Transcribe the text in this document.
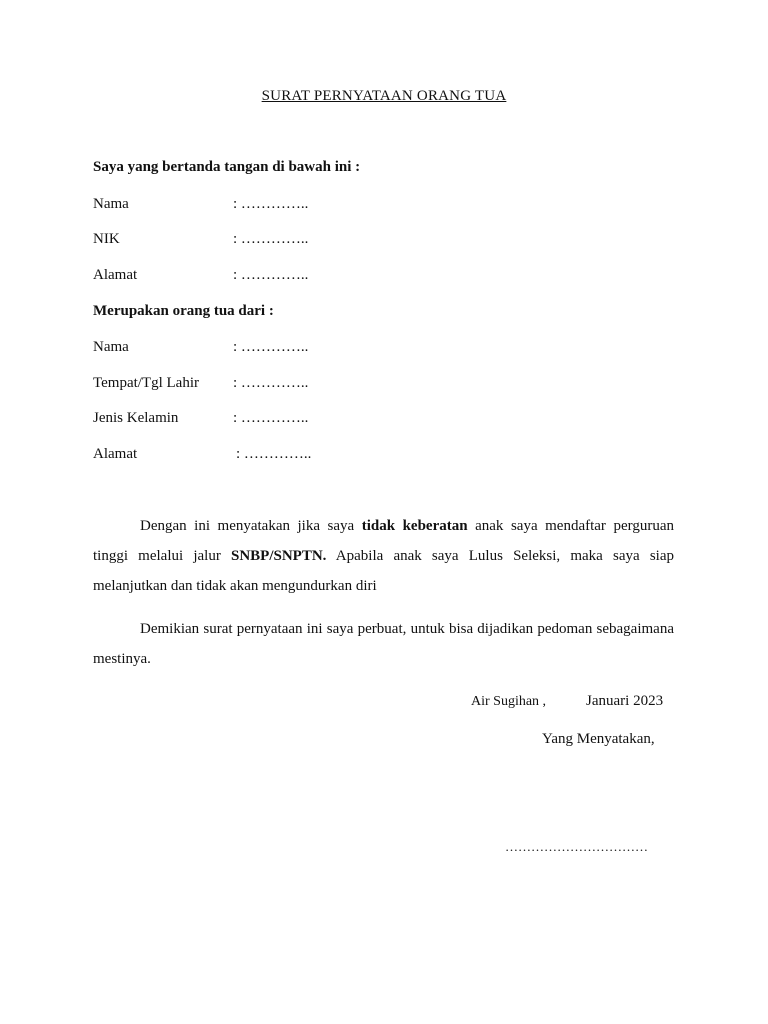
SURAT PERNYATAAN ORANG TUA
Saya yang bertanda tangan di bawah ini :
Nama	: …………..
NIK	: …………..
Alamat	: …………..
Merupakan orang tua dari :
Nama	: …………..
Tempat/Tgl Lahir : …………..
Jenis Kelamin	: …………..
Alamat	: …………..
Dengan ini menyatakan jika saya tidak keberatan anak saya mendaftar perguruan tinggi melalui jalur SNBP/SNPTN. Apabila anak saya Lulus Seleksi, maka saya siap melanjutkan dan tidak akan mengundurkan diri
Demikian surat pernyataan ini saya perbuat, untuk bisa dijadikan pedoman sebagaimana mestinya.
Air Sugihan ,	Januari 2023
Yang Menyatakan,
……………………………
